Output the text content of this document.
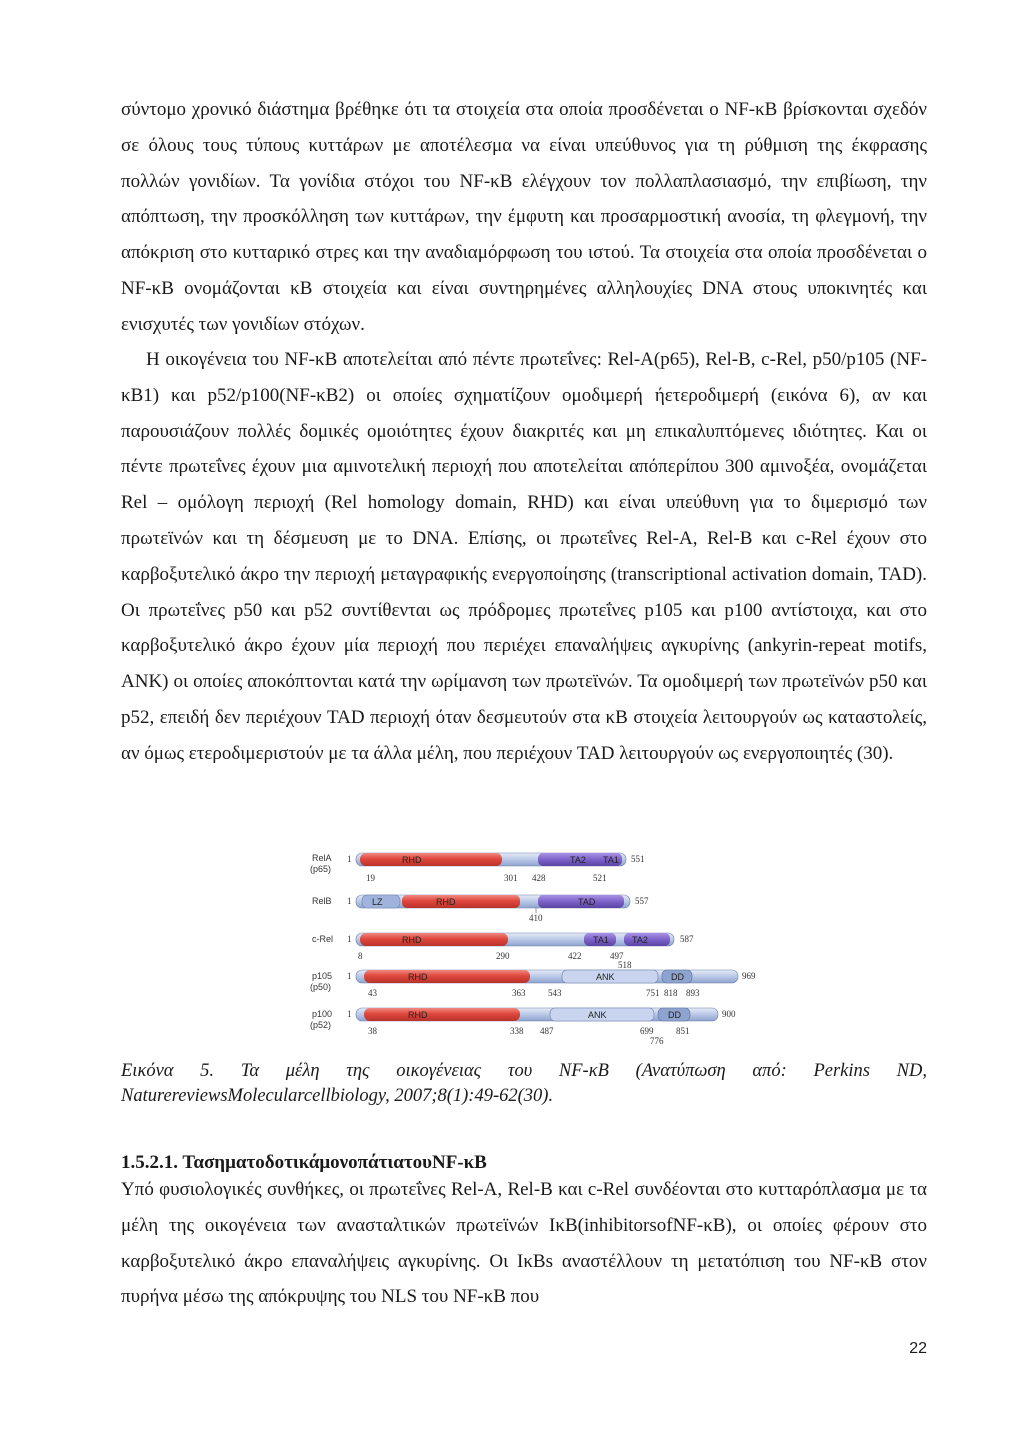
σύντομο χρονικό διάστημα βρέθηκε ότι τα στοιχεία στα οποία προσδένεται ο NF-κB βρίσκονται σχεδόν σε όλους τους τύπους κυττάρων με αποτέλεσμα να είναι υπεύθυνος για τη ρύθμιση της έκφρασης πολλών γονιδίων. Τα γονίδια στόχοι του NF-κB ελέγχουν τον πολλαπλασιασμό, την επιβίωση, την απόπτωση, την προσκόλληση των κυττάρων, την έμφυτη και προσαρμοστική ανοσία, τη φλεγμονή, την απόκριση στο κυτταρικό στρες και την αναδιαμόρφωση του ιστού. Τα στοιχεία στα οποία προσδένεται ο NF-κB ονομάζονται κB στοιχεία και είναι συντηρημένες αλληλουχίες DNA στους υποκινητές και ενισχυτές των γονιδίων στόχων.

Η οικογένεια του NF-κB αποτελείται από πέντε πρωτεΐνες: Rel-A(p65), Rel-B, c-Rel, p50/p105 (NF-κB1) και p52/p100(NF-κB2) οι οποίες σχηματίζουν ομοδιμερή ήετεροδιμερή (εικόνα 6), αν και παρουσιάζουν πολλές δομικές ομοιότητες έχουν διακριτές και μη επικαλυπτόμενες ιδιότητες. Και οι πέντε πρωτεΐνες έχουν μια αμινοτελική περιοχή που αποτελείται απόπερίπου 300 αμινοξέα, ονομάζεται Rel – ομόλογη περιοχή (Rel homology domain, RHD) και είναι υπεύθυνη για το διμερισμό των πρωτεϊνών και τη δέσμευση με το DNA. Επίσης, οι πρωτεΐνες Rel-A, Rel-B και c-Rel έχουν στο καρβοξυτελικό άκρο την περιοχή μεταγραφικής ενεργοποίησης (transcriptional activation domain, TAD). Οι πρωτεΐνες p50 και p52 συντίθενται ως πρόδρομες πρωτεΐνες p105 και p100 αντίστοιχα, και στο καρβοξυτελικό άκρο έχουν μία περιοχή που περιέχει επαναλήψεις αγκυρίνης (ankyrin-repeat motifs, ANK) οι οποίες αποκόπτονται κατά την ωρίμανση των πρωτεϊνών. Τα ομοδιμερή των πρωτεϊνών p50 και p52, επειδή δεν περιέχουν TAD περιοχή όταν δεσμευτούν στα κB στοιχεία λειτουργούν ως καταστολείς, αν όμως ετεροδιμεριστούν με τα άλλα μέλη, που περιέχουν TAD λειτουργούν ως ενεργοποιητές (30).

RelA
(p65)
1	RHD	TA2 TA1 551
19	301 428	521
RelB 1 LZ	RHD	TAD	557
410
c-Rel 1	RHD	TA1	TA2	587
8	290	422	497
518
p105
(p50)
1	RHD	ANK	DD	969
43	363	543	751 818 893
p100
(p52)
1	RHD	ANK	DD	900
38	338 487	699
776
851
Εικόνα 5. Τα μέλη της οικογένειας του NF-κB (Ανατύπωση από: Perkins ND, NaturereviewsMolecularcellbiology, 2007;8(1):49-62(30).
1.5.2.1. ΤασηματοδοτικάμονοπάτιατουNF-κB

Υπό φυσιολογικές συνθήκες, οι πρωτεΐνες Rel-A, Rel-B και c-Rel συνδέονται στο κυτταρόπλασμα με τα μέλη της οικογένεια των ανασταλτικών πρωτεϊνών IκB(inhibitorsofNF-κB), οι οποίες φέρουν στο καρβοξυτελικό άκρο επαναλήψεις αγκυρίνης. Οι IκBs αναστέλλουν τη μετατόπιση του NF-κB στον πυρήνα μέσω της απόκρυψης του NLS του NF-κB που

22
